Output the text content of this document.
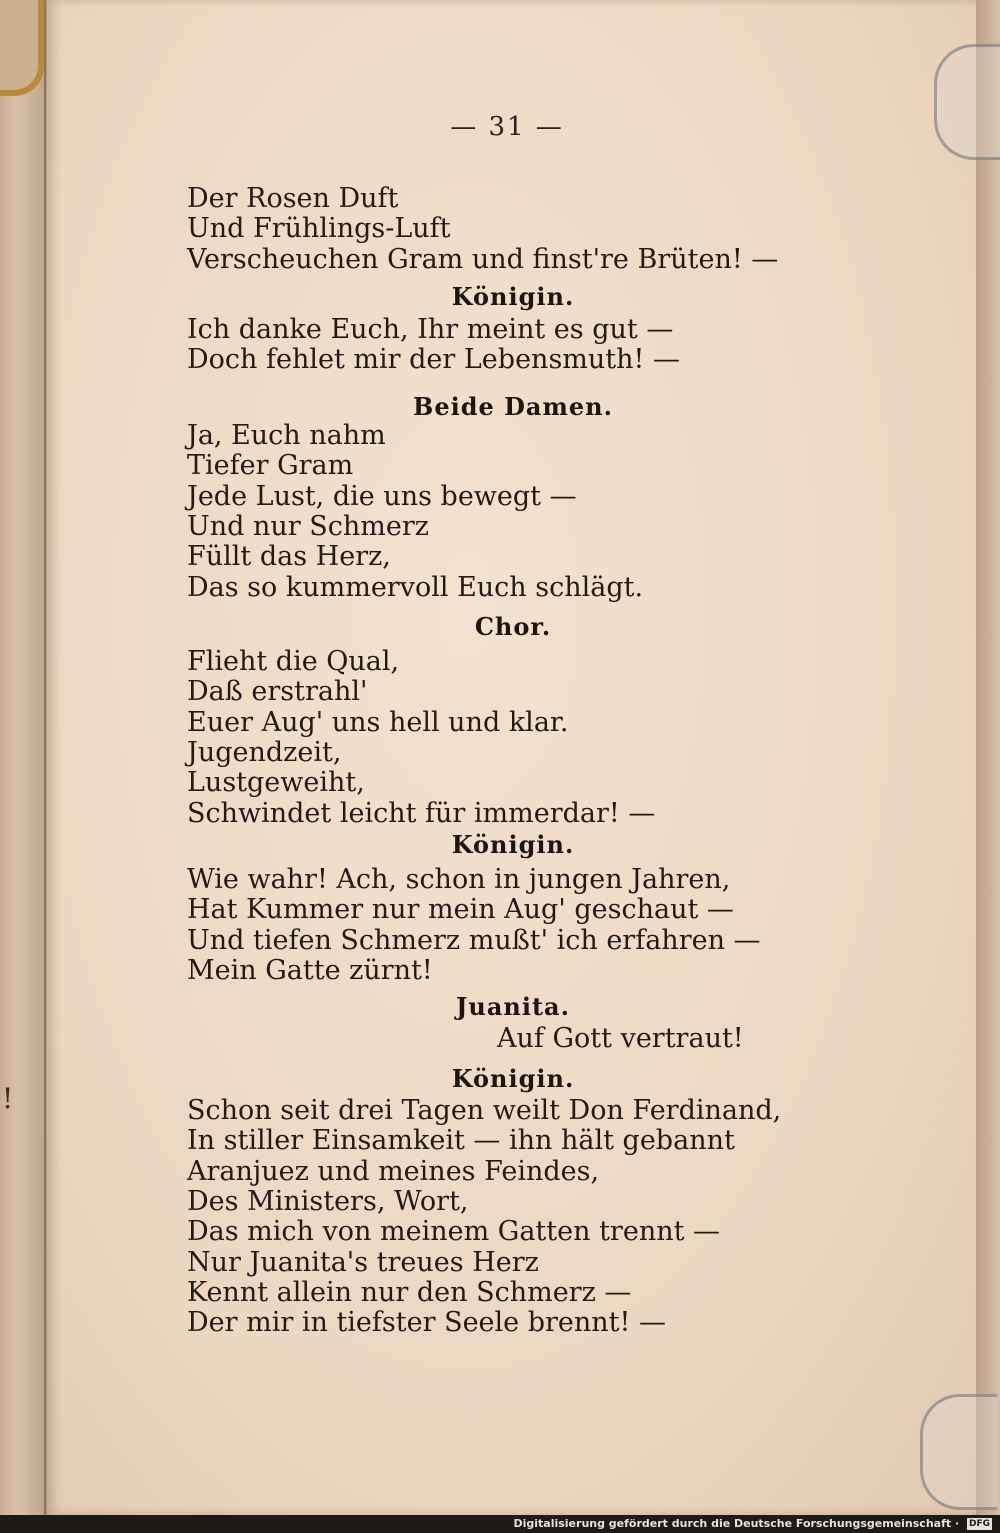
!
— 31 —
Der Rosen Duft
Und Frühlings-Luft
Verscheuchen Gram und finst're Brüten! —
Königin.
Ich danke Euch, Ihr meint es gut —
Doch fehlet mir der Lebensmuth! —
Beide Damen.
Ja, Euch nahm
Tiefer Gram
Jede Lust, die uns bewegt —
Und nur Schmerz
Füllt das Herz,
Das so kummervoll Euch schlägt.
Chor.
Flieht die Qual,
Daß erstrahl'
Euer Aug' uns hell und klar.
Jugendzeit,
Lustgeweiht,
Schwindet leicht für immerdar! —
Königin.
Wie wahr! Ach, schon in jungen Jahren,
Hat Kummer nur mein Aug' geschaut —
Und tiefen Schmerz mußt' ich erfahren —
Mein Gatte zürnt!
Juanita.
Auf Gott vertraut!
Königin.
Schon seit drei Tagen weilt Don Ferdinand,
In stiller Einsamkeit — ihn hält gebannt
Aranjuez und meines Feindes,
Des Ministers, Wort,
Das mich von meinem Gatten trennt —
Nur Juanita's treues Herz
Kennt allein nur den Schmerz —
Der mir in tiefster Seele brennt! —
Digitalisierung gefördert durch die Deutsche Forschungsgemeinschaft · DFG
